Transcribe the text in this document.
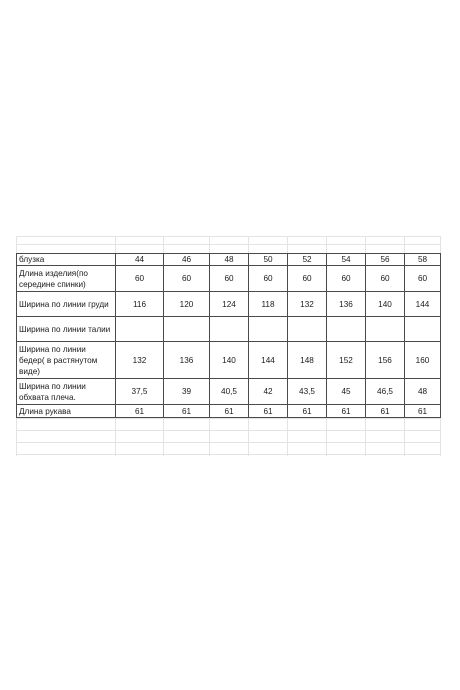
блузка	44	46	48	50	52	54	56	58
Длина изделия(по середине спинки)	60	60	60	60	60	60	60	60
Ширина по линии груди	116	120	124	118	132	136	140	144
Ширина по линии талии								
Ширина по линии бедер( в растянутом виде)	132	136	140	144	148	152	156	160
Ширина по линии обхвата плеча.	37,5	39	40,5	42	43,5	45	46,5	48
Длина рукава	61	61	61	61	61	61	61	61
